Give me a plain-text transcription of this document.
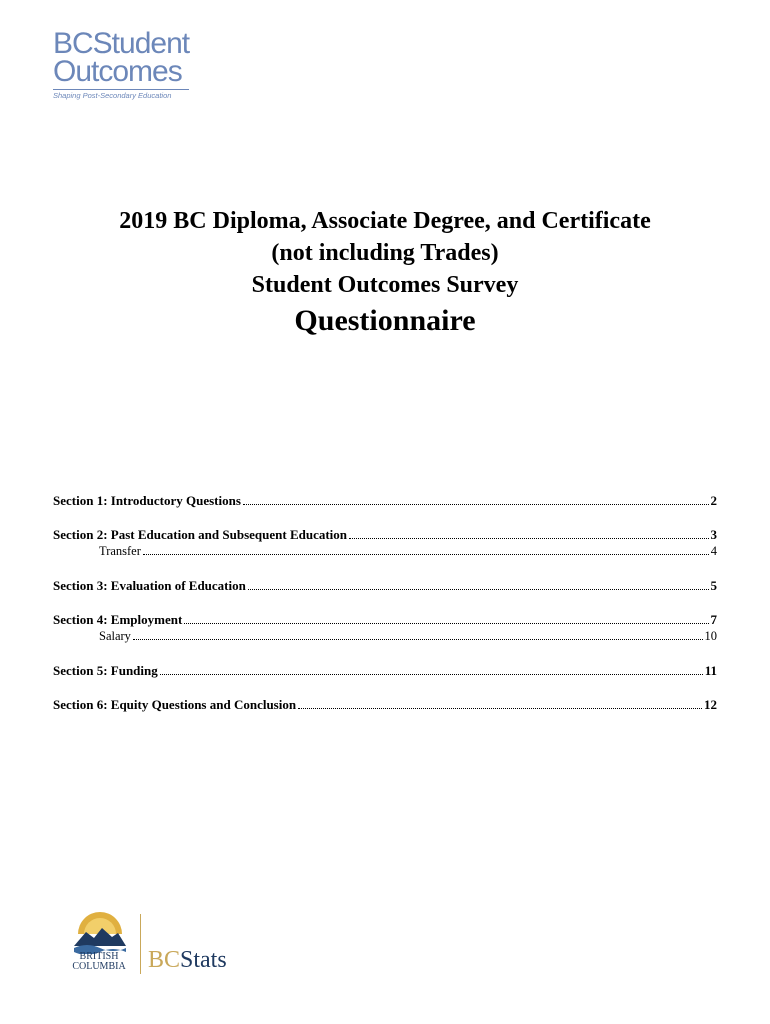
BCStudent
Outcomes
Shaping Post-Secondary Education
2019 BC Diploma, Associate Degree, and Certificate
(not including Trades)
Student Outcomes Survey
Questionnaire
Section 1: Introductory Questions	2
Section 2: Past Education and Subsequent Education	3
Transfer	4
Section 3: Evaluation of Education	5
Section 4: Employment	7
Salary	10
Section 5: Funding	11
Section 6: Equity Questions and Conclusion	12
BRITISH
COLUMBIA BCStats
